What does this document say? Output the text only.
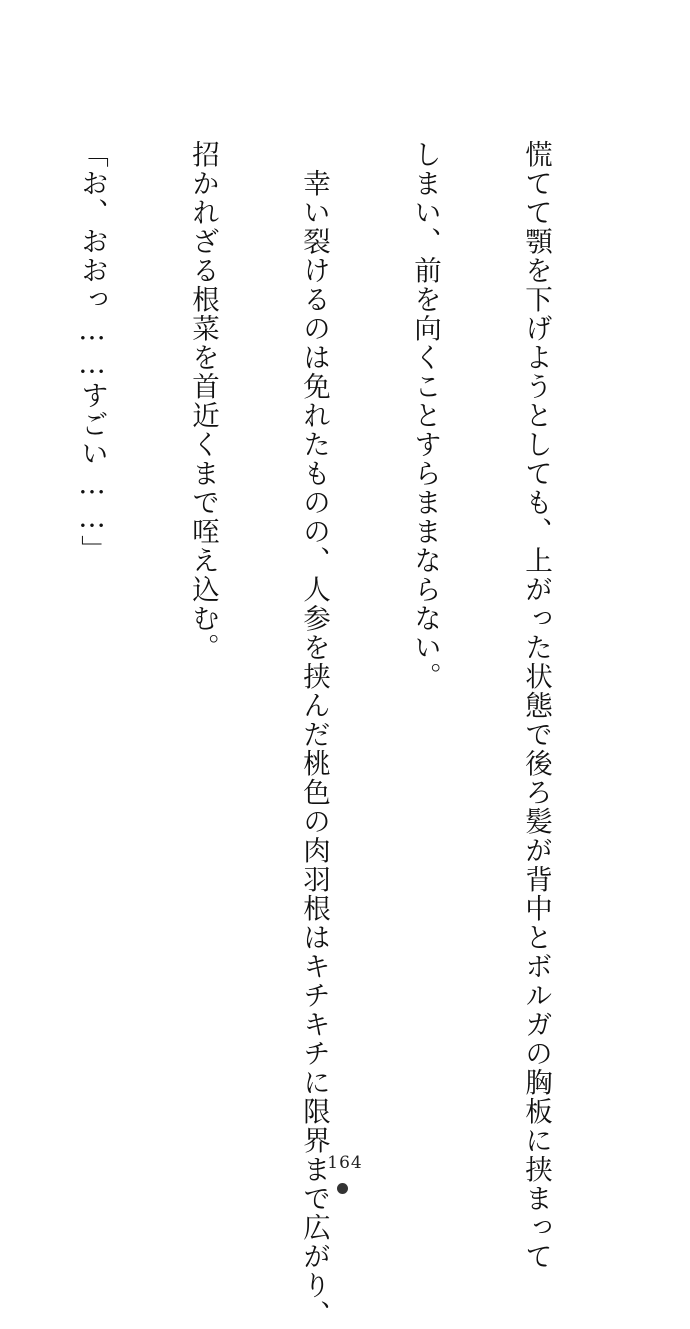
慌てて顎を下げようとしても、上がった状態で後ろ髪が背中とボルガの胸板に挟まって

しまい、前を向くことすらままならない。

　幸い裂けるのは免れたものの、人参を挟んだ桃色の肉羽根はキチキチに限界まで広がり、

招かれざる根菜を首近くまで咥え込む。

「お、おおっ……すごい……」

164
